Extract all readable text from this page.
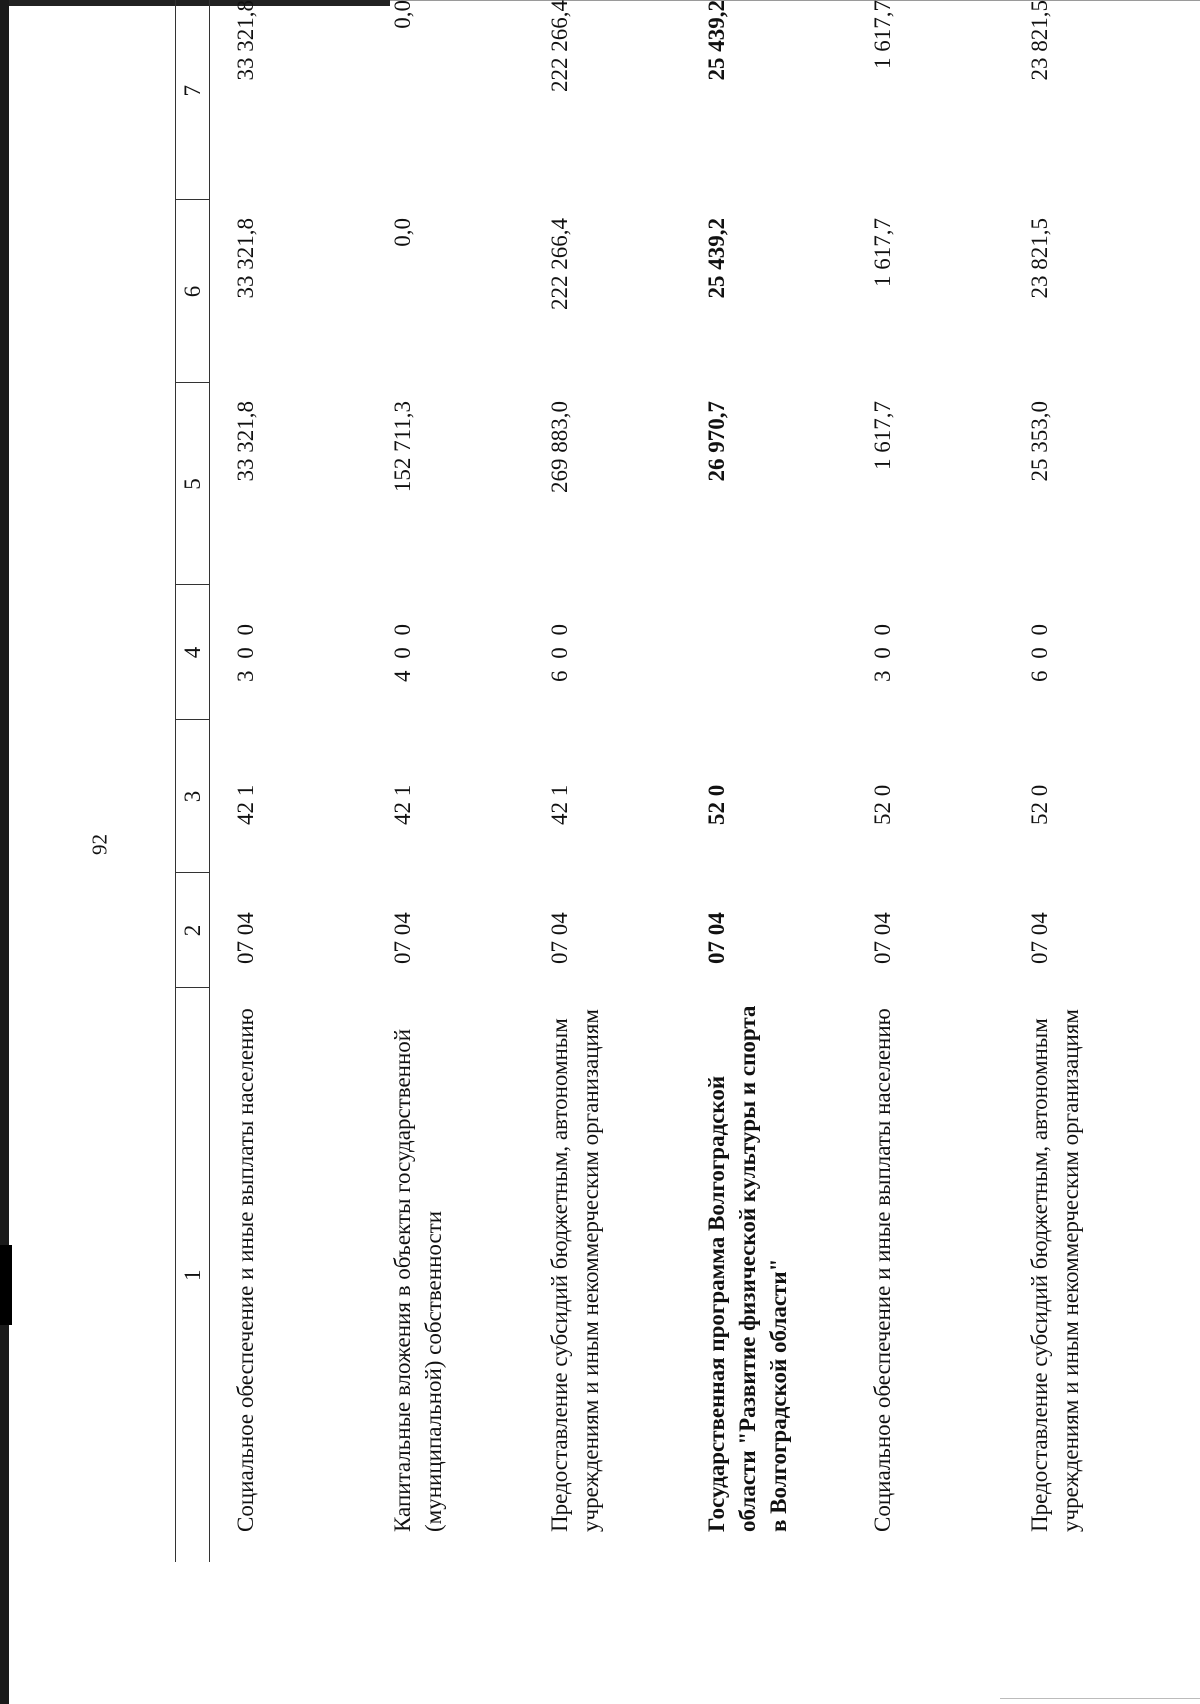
92
1	2	3	4	5	6	7
Социальное обеспечение и иные выплаты населению	07 04	42 1	3 0 0	33 321,8	33 321,8	33 321,8
Капитальные вложения в объекты государственной (муниципальной) собственности	07 04	42 1	4 0 0	152 711,3	0,0	0,0
Предоставление субсидий бюджетным, автономным учреждениям и иным некоммерческим организациям	07 04	42 1	6 0 0	269 883,0	222 266,4	222 266,4
Государственная программа Волгоградской области "Развитие физической культуры и спорта в Волгоградской области"	07 04	52 0		26 970,7	25 439,2	25 439,2
Социальное обеспечение и иные выплаты населению	07 04	52 0	3 0 0	1 617,7	1 617,7	1 617,7
Предоставление субсидий бюджетным, автономным учреждениям и иным некоммерческим организациям	07 04	52 0	6 0 0	25 353,0	23 821,5	23 821,5
